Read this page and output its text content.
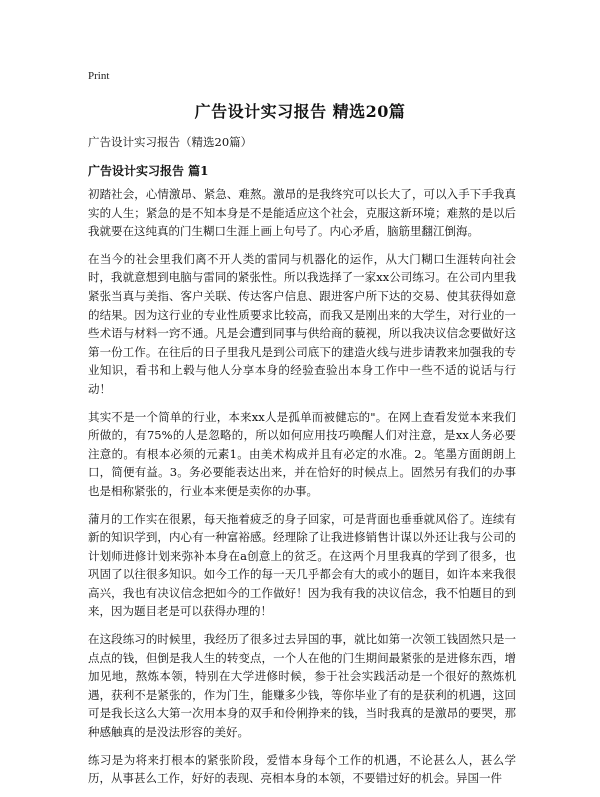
Print
广告设计实习报告 精选20篇
广告设计实习报告（精选20篇）
广告设计实习报告 篇1

初踏社会，心情激昂、紧急、难熬。激昂的是我终究可以长大了，可以入手下手我真实的人生；紧急的是不知本身是不是能适应这个社会，克服这新环境；难熬的是以后我就要在这纯真的门生糊口生涯上画上句号了。内心矛盾，脑筋里翻江倒海。

在当今的社会里我们离不开人类的雷同与机器化的运作，从大门糊口生涯转向社会时，我就意想到电脑与雷同的紧张性。所以我选择了一家xx公司练习。在公司内里我紧张当真与美指、客户关联、传达客户信息、跟进客户所下达的交易、使其获得如意的结果。因为这行业的专业性质要求比较高，而我又是刚出来的大学生，对行业的一些术语与材料一窍不通。凡是会遭到同事与供给商的藐视，所以我决议信念要做好这第一份工作。在往后的日子里我凡是到公司底下的建造火线与进步请教来加强我的专业知识，看书和上毂与他人分享本身的经验查验出本身工作中一些不适的说话与行动！

其实不是一个简单的行业，本来xx人是孤单而被健忘的"。在网上查看发觉本来我们所做的，有75%的人是忽略的，所以如何应用技巧唤醒人们对注意，是xx人务必要注意的。有根本必须的元素1。由美术构成并且有必定的水准。2。笔墨方面朗朗上口，简便有益。3。务必要能表达出来，并在恰好的时候点上。固然另有我们的办事也是相称紧张的，行业本来便是卖你的办事。

蒲月的工作实在很累，每天拖着疲乏的身子回家，可是背面也垂垂就风俗了。连续有新的知识学到，内心有一种富裕感。经理除了让我进修销售计谋以外还让我与公司的计划师进修计划来弥补本身在a创意上的贫乏。在这两个月里我真的学到了很多，也巩固了以往很多知识。如今工作的每一天几乎都会有大的或小的题目，如许本来我很高兴，我也有决议信念把如今的工作做好！因为我有我的决议信念，我不怕题目的到来，因为题目老是可以获得办理的！

在这段练习的时候里，我经历了很多过去异国的事，就比如第一次领工钱固然只是一点点的钱，但倒是我人生的转变点，一个人在他的门生期间最紧张的是进修东西，增加见地，熬炼本领，特别在大学进修时候，参于社会实践活动是一个很好的熬炼机遇，获利不是紧张的，作为门生，能赚多少钱，等你毕业了有的是获利的机遇，这回可是我长这么大第一次用本身的双手和伶俐挣来的钱，当时我真的是激昂的要哭，那种感触真的是没法形容的美好。

练习是为将来打根本的紧张阶段，爱惜本身每个工作的机遇，不论甚么人，甚么学历，从事甚么工作，好好的表现、亮相本身的本领，不要错过好的机会。异国一件
